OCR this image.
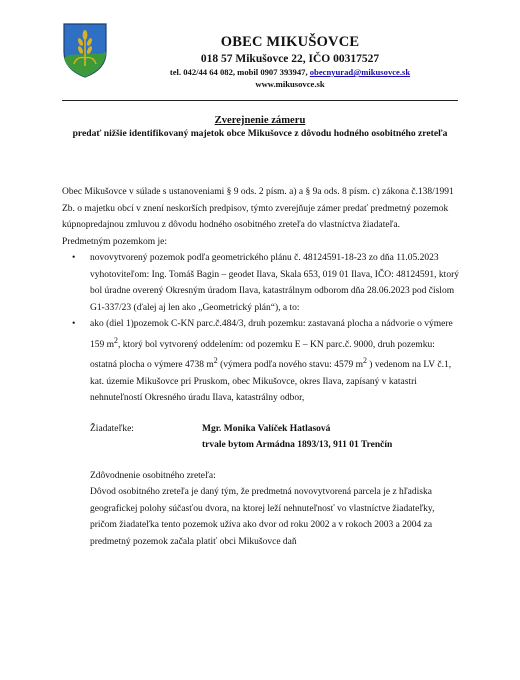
OBEC MIKUŠOVCE
018 57 Mikušovce 22, IČO 00317527
tel. 042/44 64 082, mobil 0907 393947, obecnyurad@mikusovce.sk
www.mikusovce.sk
Zverejnenie zámeru
predať nižšie identifikovaný majetok obce Mikušovce z dôvodu hodného osobitného zreteľa

Obec Mikušovce v súlade s ustanoveniami § 9 ods. 2 písm. a) a § 9a ods. 8 písm. c) zákona č.138/1991 Zb. o majetku obcí v znení neskorších predpisov, týmto zverejňuje zámer predať predmetný pozemok kúpnopredajnou zmluvou z dôvodu hodného osobitného zreteľa do vlastníctva žiadateľa.

Predmetným pozemkom je:

• novovytvorený pozemok podľa geometrického plánu č. 48124591-18-23 zo dňa 11.05.2023 vyhotoviteľom: Ing. Tomáš Bagin – geodet Ilava, Skala 653, 019 01 Ilava, IČO: 48124591, ktorý bol úradne overený Okresným úradom Ilava, katastrálnym odborom dňa 28.06.2023 pod číslom G1-337/23 (ďalej aj len ako „Geometrický plán“), a to:
• ako (diel 1)pozemok C-KN parc.č.484/3, druh pozemku: zastavaná plocha a nádvorie o výmere 159 $m^2$, ktorý bol vytvorený oddelením: od pozemku E – KN parc.č. 9000, druh pozemku: ostatná plocha o výmere 4738 $m^2$ (výmera podľa nového stavu: 4579 $m^2$ ) vedenom na LV č.1, kat. územie Mikušovce pri Pruskom, obec Mikušovce, okres Ilava, zapísaný v katastri nehnuteľností Okresného úradu Ilava, katastrálny odbor,
Žiadateľke:	Mgr. Monika Valíček Hatlasová
trvale bytom Armádna 1893/13, 911 01 Trenčín
Zdôvodnenie osobitného zreteľa:
Dôvod osobitného zreteľa je daný tým, že predmetná novovytvorená parcela je z hľadiska geografickej polohy súčasťou dvora, na ktorej leží nehnuteľnosť vo vlastníctve žiadateľky, pričom žiadateľka tento pozemok užíva ako dvor od roku 2002 a v rokoch 2003 a 2004 za predmetný pozemok začala platiť obci Mikušovce daň
